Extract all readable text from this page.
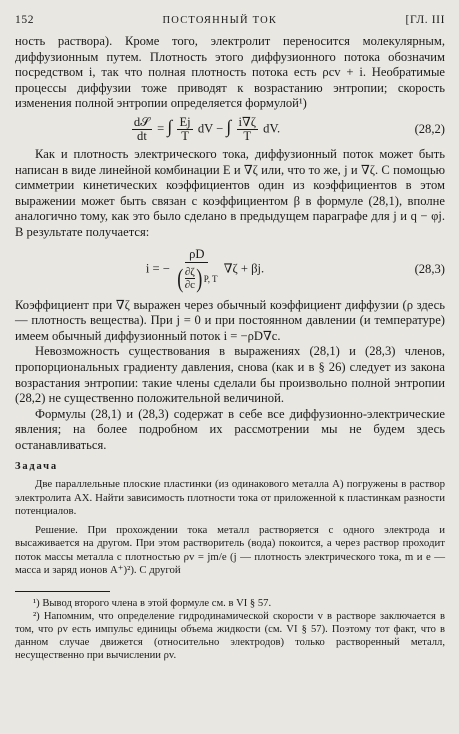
152	ПОСТОЯННЫЙ ТОК	[ГЛ. III

ность раствора). Кроме того, электролит переносится молекулярным, диффузионным путем. Плотность этого диффузионного потока обозначим посредством i, так что полная плотность потока есть ρcv + i. Необратимые процессы диффузии тоже приводят к возрастанию энтропии; скорость изменения полной энтропии определяется формулой¹)

$\frac{\text{d𝒮}}{dt}$ = ∫ $\frac{Ej}{T}$ dV − ∫ $\frac{i\nabla\zeta}{T}$ dV.	(28,2)

Как и плотность электрического тока, диффузионный поток может быть написан в виде линейной комбинации E и ∇ζ или, что то же, j и ∇ζ. С помощью симметрии кинетических коэффициентов один из коэффициентов в этом выражении может быть связан с коэффициентом β в формуле (28,1), вполне аналогично тому, как это было сделано в предыдущем параграфе для j и q − φj. В результате получается:

i = −
ρD
( $\frac{\partial\zeta}{\partial c}$ ) P, T
∇ζ + βj.	(28,3)

Коэффициент при ∇ζ выражен через обычный коэффициент диффузии (ρ здесь — плотность вещества). При j = 0 и при постоянном давлении (и температуре) имеем обычный диффузионный поток i = −ρD∇c.

Невозможность существования в выражениях (28,1) и (28,3) членов, пропорциональных градиенту давления, снова (как и в § 26) следует из закона возрастания энтропии: такие члены сделали бы произвольно полной энтропии (28,2) не существенно положительной величиной.

Формулы (28,1) и (28,3) содержат в себе все диффузионно-электрические явления; на более подробном их рассмотрении мы не будем здесь останавливаться.

Задача

Две параллельные плоские пластинки (из одинакового металла A) погружены в раствор электролита AX. Найти зависимость плотности тока от приложенной к пластинкам разности потенциалов.

Решение. При прохождении тока металл растворяется с одного электрода и высаживается на другом. При этом растворитель (вода) покоится, а через раствор проходит поток массы металла с плотностью ρv = jm/e (j — плотность электрического тока, m и e — масса и заряд ионов A⁺)²). С другой

¹) Вывод второго члена в этой формуле см. в VI § 57.

²) Напомним, что определение гидродинамической скорости v в растворе заключается в том, что ρv есть импульс единицы объема жидкости (см. VI § 57). Поэтому тот факт, что в данном случае движется (относительно электродов) только растворенный металл, несущественно при вычислении ρv.
